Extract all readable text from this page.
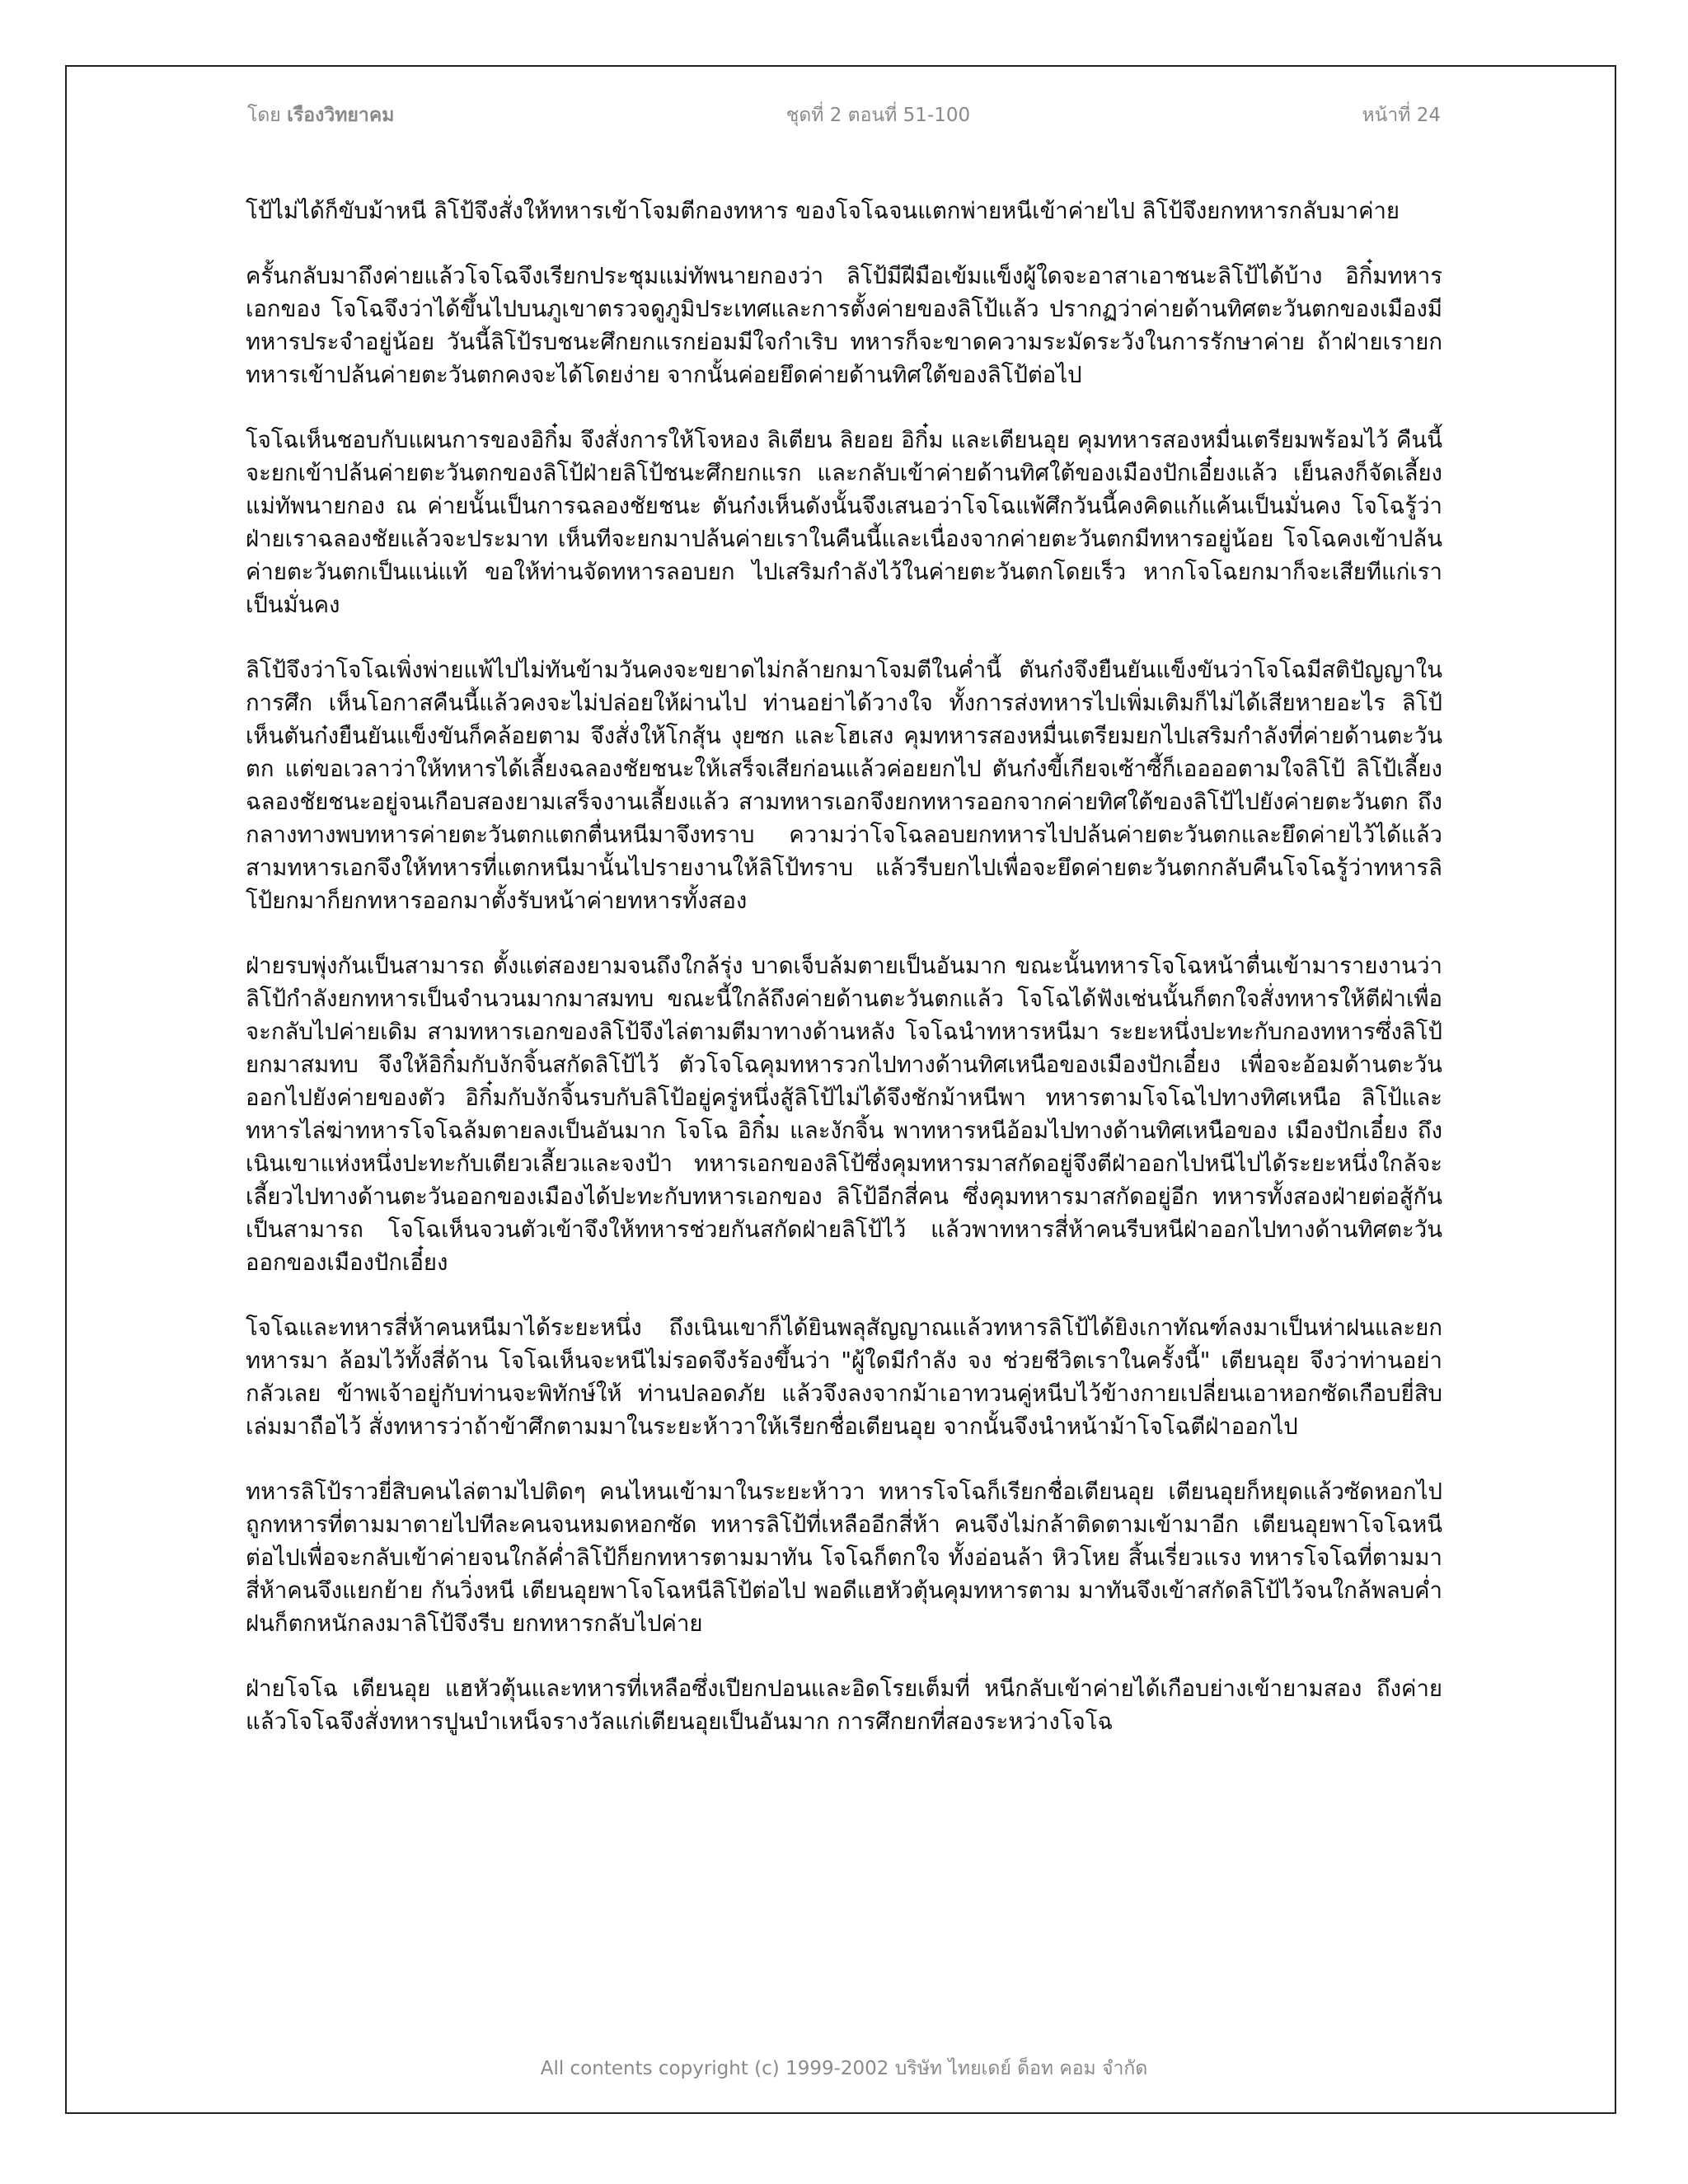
โดย เรืองวิทยาคม	ชุดที่ 2 ตอนที่ 51-100	หน้าที่ 24

โป้ไม่ได้ก็ขับม้าหนี ลิโป้จึงสั่งให้ทหารเข้าโจมตีกองทหาร ของโจโฉจนแตกพ่ายหนีเข้าค่ายไป ลิโป้จึงยกทหารกลับมาค่าย

ครั้นกลับมาถึงค่ายแล้วโจโฉจึงเรียกประชุมแม่ทัพนายกองว่า ลิโป้มีฝีมือเข้มแข็งผู้ใดจะอาสาเอาชนะลิโป้ได้บ้าง อิกิ๋มทหารเอกของ โจโฉจึงว่าได้ขึ้นไปบนภูเขาตรวจดูภูมิประเทศและการตั้งค่ายของลิโป้แล้ว ปรากฏว่าค่ายด้านทิศตะวันตกของเมืองมีทหารประจำอยู่น้อย วันนี้ลิโป้รบชนะศึกยกแรกย่อมมีใจกำเริบ ทหารก็จะขาดความระมัดระวังในการรักษาค่าย ถ้าฝ่ายเรายกทหารเข้าปล้นค่ายตะวันตกคงจะได้โดยง่าย จากนั้นค่อยยึดค่ายด้านทิศใต้ของลิโป้ต่อไป

โจโฉเห็นชอบกับแผนการของอิกิ๋ม จึงสั่งการให้โจหอง ลิเตียน ลิยอย อิกิ๋ม และเตียนอุย คุมทหารสองหมื่นเตรียมพร้อมไว้ คืนนี้จะยกเข้าปล้นค่ายตะวันตกของลิโป้ฝ่ายลิโป้ชนะศึกยกแรก และกลับเข้าค่ายด้านทิศใต้ของเมืองปักเอี๋ยงแล้ว เย็นลงก็จัดเลี้ยงแม่ทัพนายกอง ณ ค่ายนั้นเป็นการฉลองชัยชนะ ตันก๋งเห็นดังนั้นจึงเสนอว่าโจโฉแพ้ศึกวันนี้คงคิดแก้แค้นเป็นมั่นคง โจโฉรู้ว่าฝ่ายเราฉลองชัยแล้วจะประมาท เห็นทีจะยกมาปล้นค่ายเราในคืนนี้และเนื่องจากค่ายตะวันตกมีทหารอยู่น้อย โจโฉคงเข้าปล้นค่ายตะวันตกเป็นแน่แท้ ขอให้ท่านจัดทหารลอบยก ไปเสริมกำลังไว้ในค่ายตะวันตกโดยเร็ว หากโจโฉยกมาก็จะเสียทีแก่เราเป็นมั่นคง

ลิโป้จึงว่าโจโฉเพิ่งพ่ายแพ้ไปไม่ทันข้ามวันคงจะขยาดไม่กล้ายกมาโจมตีในค่ำนี้ ตันก๋งจึงยืนยันแข็งขันว่าโจโฉมีสติปัญญาในการศึก เห็นโอกาสคืนนี้แล้วคงจะไม่ปล่อยให้ผ่านไป ท่านอย่าได้วางใจ ทั้งการส่งทหารไปเพิ่มเติมก็ไม่ได้เสียหายอะไร ลิโป้เห็นตันก๋งยืนยันแข็งขันก็คล้อยตาม จึงสั่งให้โกสุ้น งุยซก และโฮเสง คุมทหารสองหมื่นเตรียมยกไปเสริมกำลังที่ค่ายด้านตะวันตก แต่ขอเวลาว่าให้ทหารได้เลี้ยงฉลองชัยชนะให้เสร็จเสียก่อนแล้วค่อยยกไป ตันก๋งขี้เกียจเซ้าซี้ก็เออออตามใจลิโป้ ลิโป้เลี้ยงฉลองชัยชนะอยู่จนเกือบสองยามเสร็จงานเลี้ยงแล้ว สามทหารเอกจึงยกทหารออกจากค่ายทิศใต้ของลิโป้ไปยังค่ายตะวันตก ถึงกลางทางพบทหารค่ายตะวันตกแตกตื่นหนีมาจึงทราบ ความว่าโจโฉลอบยกทหารไปปล้นค่ายตะวันตกและยึดค่ายไว้ได้แล้ว สามทหารเอกจึงให้ทหารที่แตกหนีมานั้นไปรายงานให้ลิโป้ทราบ แล้วรีบยกไปเพื่อจะยึดค่ายตะวันตกกลับคืนโจโฉรู้ว่าทหารลิโป้ยกมาก็ยกทหารออกมาตั้งรับหน้าค่ายทหารทั้งสอง

ฝ่ายรบพุ่งกันเป็นสามารถ ตั้งแต่สองยามจนถึงใกล้รุ่ง บาดเจ็บล้มตายเป็นอันมาก ขณะนั้นทหารโจโฉหน้าตื่นเข้ามารายงานว่า ลิโป้กำลังยกทหารเป็นจำนวนมากมาสมทบ ขณะนี้ใกล้ถึงค่ายด้านตะวันตกแล้ว โจโฉได้ฟังเช่นนั้นก็ตกใจสั่งทหารให้ตีฝ่าเพื่อจะกลับไปค่ายเดิม สามทหารเอกของลิโป้จึงไล่ตามตีมาทางด้านหลัง โจโฉนำทหารหนีมา ระยะหนึ่งปะทะกับกองทหารซึ่งลิโป้ยกมาสมทบ จึงให้อิกิ๋มกับงักจิ้นสกัดลิโป้ไว้ ตัวโจโฉคุมทหารวกไปทางด้านทิศเหนือของเมืองปักเอี๋ยง เพื่อจะอ้อมด้านตะวันออกไปยังค่ายของตัว อิกิ๋มกับงักจิ้นรบกับลิโป้อยู่ครู่หนึ่งสู้ลิโป้ไม่ได้จึงชักม้าหนีพา ทหารตามโจโฉไปทางทิศเหนือ ลิโป้และทหารไล่ฆ่าทหารโจโฉล้มตายลงเป็นอันมาก โจโฉ อิกิ๋ม และงักจิ้น พาทหารหนีอ้อมไปทางด้านทิศเหนือของ เมืองปักเอี๋ยง ถึงเนินเขาแห่งหนึ่งปะทะกับเตียวเลี้ยวและจงป้า ทหารเอกของลิโป้ซึ่งคุมทหารมาสกัดอยู่จึงตีฝ่าออกไปหนีไปได้ระยะหนึ่งใกล้จะเลี้ยวไปทางด้านตะวันออกของเมืองได้ปะทะกับทหารเอกของ ลิโป้อีกสี่คน ซึ่งคุมทหารมาสกัดอยู่อีก ทหารทั้งสองฝ่ายต่อสู้กันเป็นสามารถ โจโฉเห็นจวนตัวเข้าจึงให้ทหารช่วยกันสกัดฝ่ายลิโป้ไว้ แล้วพาทหารสี่ห้าคนรีบหนีฝ่าออกไปทางด้านทิศตะวันออกของเมืองปักเอี๋ยง

โจโฉและทหารสี่ห้าคนหนีมาได้ระยะหนึ่ง ถึงเนินเขาก็ได้ยินพลุสัญญาณแล้วทหารลิโป้ได้ยิงเกาทัณฑ์ลงมาเป็นห่าฝนและยกทหารมา ล้อมไว้ทั้งสี่ด้าน โจโฉเห็นจะหนีไม่รอดจึงร้องขึ้นว่า "ผู้ใดมีกำลัง จง ช่วยชีวิตเราในครั้งนี้" เตียนอุย จึงว่าท่านอย่ากลัวเลย ข้าพเจ้าอยู่กับท่านจะพิทักษ์ให้ ท่านปลอดภัย แล้วจึงลงจากม้าเอาทวนคู่หนีบไว้ข้างกายเปลี่ยนเอาหอกซัดเกือบยี่สิบเล่มมาถือไว้ สั่งทหารว่าถ้าข้าศึกตามมาในระยะห้าวาให้เรียกชื่อเตียนอุย จากนั้นจึงนำหน้าม้าโจโฉตีฝ่าออกไป

ทหารลิโป้ราวยี่สิบคนไล่ตามไปติดๆ คนไหนเข้ามาในระยะห้าวา ทหารโจโฉก็เรียกชื่อเตียนอุย เตียนอุยก็หยุดแล้วซัดหอกไปถูกทหารที่ตามมาตายไปทีละคนจนหมดหอกซัด ทหารลิโป้ที่เหลืออีกสี่ห้า คนจึงไม่กล้าติดตามเข้ามาอีก เตียนอุยพาโจโฉหนีต่อไปเพื่อจะกลับเข้าค่ายจนใกล้ค่ำลิโป้ก็ยกทหารตามมาทัน โจโฉก็ตกใจ ทั้งอ่อนล้า หิวโหย สิ้นเรี่ยวแรง ทหารโจโฉที่ตามมาสี่ห้าคนจึงแยกย้าย กันวิ่งหนี เตียนอุยพาโจโฉหนีลิโป้ต่อไป พอดีแฮหัวตุ้นคุมทหารตาม มาทันจึงเข้าสกัดลิโป้ไว้จนใกล้พลบค่ำ ฝนก็ตกหนักลงมาลิโป้จึงรีบ ยกทหารกลับไปค่าย

ฝ่ายโจโฉ เตียนอุย แฮหัวตุ้นและทหารที่เหลือซึ่งเปียกปอนและอิดโรยเต็มที่ หนีกลับเข้าค่ายได้เกือบย่างเข้ายามสอง ถึงค่ายแล้วโจโฉจึงสั่งทหารปูนบำเหน็จรางวัลแก่เตียนอุยเป็นอันมาก การศึกยกที่สองระหว่างโจโฉ

All contents copyright (c) 1999-2002 บริษัท ไทยเดย์ ด็อท คอม จำกัด
